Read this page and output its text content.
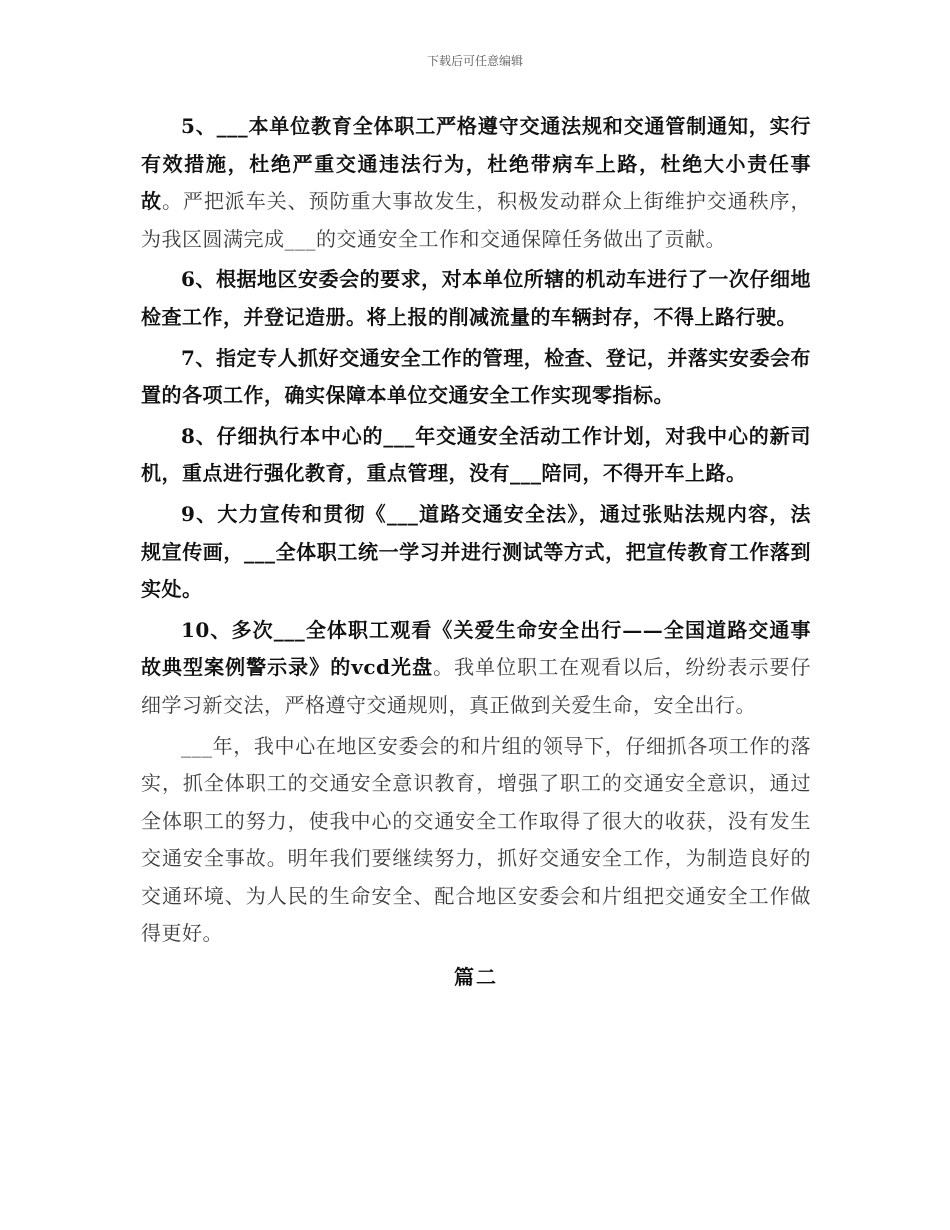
下载后可任意编辑

5、___本单位教育全体职工严格遵守交通法规和交通管制通知，实行有效措施，杜绝严重交通违法行为，杜绝带病车上路，杜绝大小责任事故。严把派车关、预防重大事故发生，积极发动群众上街维护交通秩序，为我区圆满完成___的交通安全工作和交通保障任务做出了贡献。

6、根据地区安委会的要求，对本单位所辖的机动车进行了一次仔细地检查工作，并登记造册。将上报的削减流量的车辆封存，不得上路行驶。

7、指定专人抓好交通安全工作的管理，检查、登记，并落实安委会布置的各项工作，确实保障本单位交通安全工作实现零指标。

8、仔细执行本中心的___年交通安全活动工作计划，对我中心的新司机，重点进行强化教育，重点管理，没有___陪同，不得开车上路。

9、大力宣传和贯彻《___道路交通安全法》，通过张贴法规内容，法规宣传画，___全体职工统一学习并进行测试等方式，把宣传教育工作落到实处。

10、多次___全体职工观看《关爱生命安全出行——全国道路交通事故典型案例警示录》的vcd光盘。我单位职工在观看以后，纷纷表示要仔细学习新交法，严格遵守交通规则，真正做到关爱生命，安全出行。

___年，我中心在地区安委会的和片组的领导下，仔细抓各项工作的落实，抓全体职工的交通安全意识教育，增强了职工的交通安全意识，通过全体职工的努力，使我中心的交通安全工作取得了很大的收获，没有发生交通安全事故。明年我们要继续努力，抓好交通安全工作，为制造良好的交通环境、为人民的生命安全、配合地区安委会和片组把交通安全工作做得更好。

篇二
